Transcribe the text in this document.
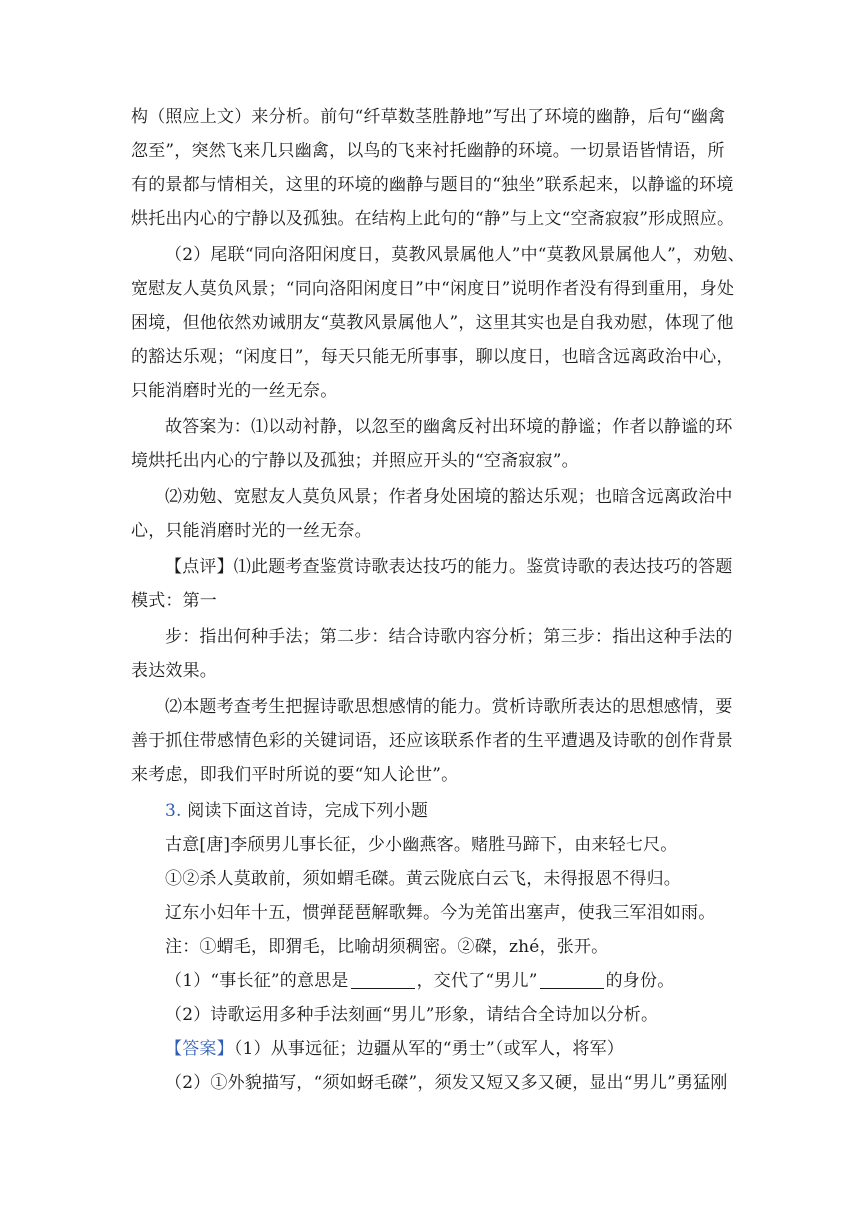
构（照应上文）来分析。前句“纤草数茎胜静地”写出了环境的幽静，后句“幽禽
忽至”，突然飞来几只幽禽，以鸟的飞来衬托幽静的环境。一切景语皆情语，所
有的景都与情相关，这里的环境的幽静与题目的“独坐”联系起来，以静谧的环境
烘托出内心的宁静以及孤独。在结构上此句的“静”与上文“空斋寂寂”形成照应。
（2）尾联“同向洛阳闲度日，莫教风景属他人”中“莫教风景属他人”，劝勉、
宽慰友人莫负风景；“同向洛阳闲度日”中“闲度日”说明作者没有得到重用，身处
困境，但他依然劝诫朋友“莫教风景属他人”，这里其实也是自我劝慰，体现了他
的豁达乐观；“闲度日”，每天只能无所事事，聊以度日，也暗含远离政治中心，
只能消磨时光的一丝无奈。
故答案为：⑴以动衬静，以忽至的幽禽反衬出环境的静谧；作者以静谧的环
境烘托出内心的宁静以及孤独；并照应开头的“空斋寂寂”。
⑵劝勉、宽慰友人莫负风景；作者身处困境的豁达乐观；也暗含远离政治中
心，只能消磨时光的一丝无奈。
【点评】⑴此题考查鉴赏诗歌表达技巧的能力。鉴赏诗歌的表达技巧的答题
模式：第一
步：指出何种手法；第二步：结合诗歌内容分析；第三步：指出这种手法的
表达效果。
⑵本题考查考生把握诗歌思想感情的能力。赏析诗歌所表达的思想感情，要
善于抓住带感情色彩的关键词语，还应该联系作者的生平遭遇及诗歌的创作背景
来考虑，即我们平时所说的要“知人论世”。
3. 阅读下面这首诗，完成下列小题
古意[唐]李颀男儿事长征，少小幽燕客。赌胜马蹄下，由来轻七尺。
①②杀人莫敢前，须如蝟毛磔。黄云陇底白云飞，未得报恩不得归。
辽东小妇年十五，惯弹琵琶解歌舞。今为羌笛出塞声，使我三军泪如雨。
注：①蝟毛，即猬毛，比喻胡须稠密。②磔，zhé，张开。
（1）“事长征”的意思是	，交代了“男儿”	的身份。
（2）诗歌运用多种手法刻画“男儿”形象，请结合全诗加以分析。
【答案】（1）从事远征；边疆从军的“勇士”（或军人，将军）
（2）①外貌描写，“须如蚜毛磔”，须发又短又多又硬，显出“男儿”勇猛刚
